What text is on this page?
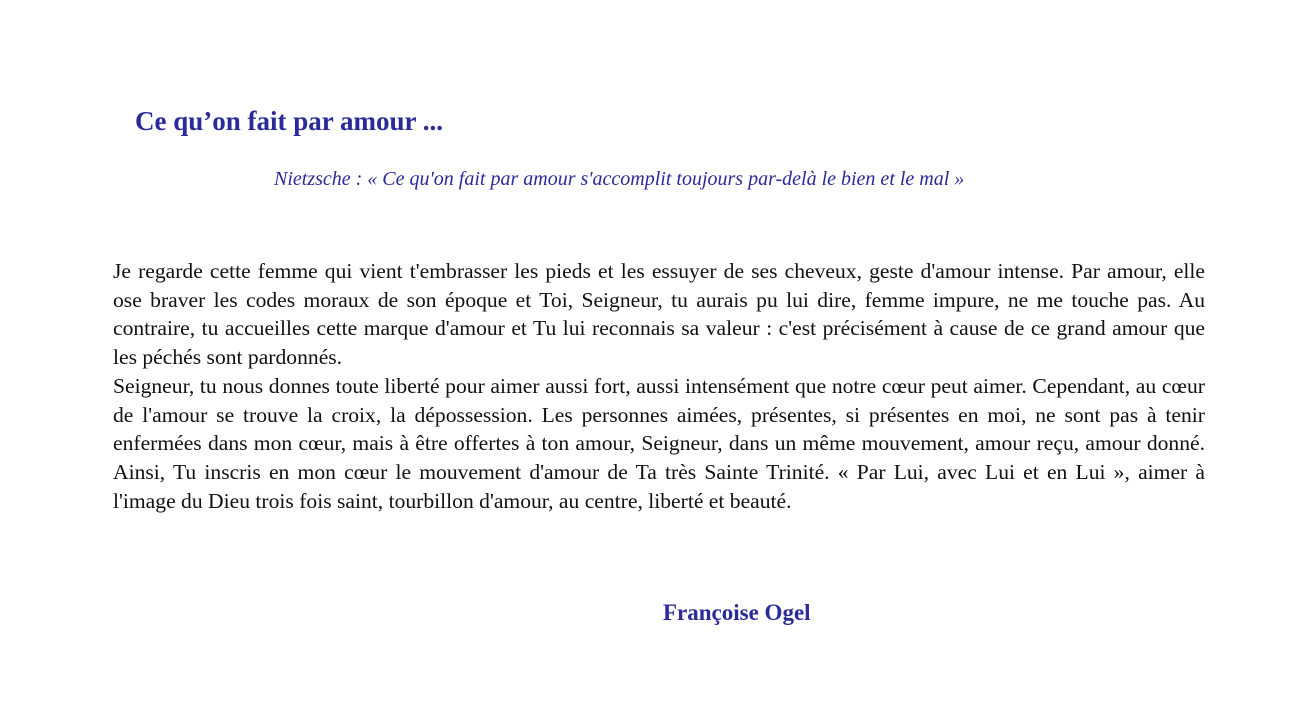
Ce qu’on fait par amour ...

Nietzsche : « Ce qu'on fait par amour s'accomplit toujours par-delà le bien et le mal »

Je regarde cette femme qui vient t'embrasser les pieds et les essuyer de ses cheveux, geste d'amour intense. Par amour, elle ose braver les codes moraux de son époque et Toi, Seigneur, tu aurais pu lui dire, femme impure, ne me touche pas. Au contraire, tu accueilles cette marque d'amour et Tu lui reconnais sa valeur : c'est précisément à cause de ce grand amour que les péchés sont pardonnés.

Seigneur, tu nous donnes toute liberté pour aimer aussi fort, aussi intensément que notre cœur peut aimer. Cependant, au cœur de l'amour se trouve la croix, la dépossession. Les personnes aimées, présentes, si présentes en moi, ne sont pas à tenir enfermées dans mon cœur, mais à être offertes à ton amour, Seigneur, dans un même mouvement, amour reçu, amour donné. Ainsi, Tu inscris en mon cœur le mouvement d'amour de Ta très Sainte Trinité. « Par Lui, avec Lui et en Lui », aimer à l'image du Dieu trois fois saint, tourbillon d'amour, au centre, liberté et beauté.

Françoise Ogel
